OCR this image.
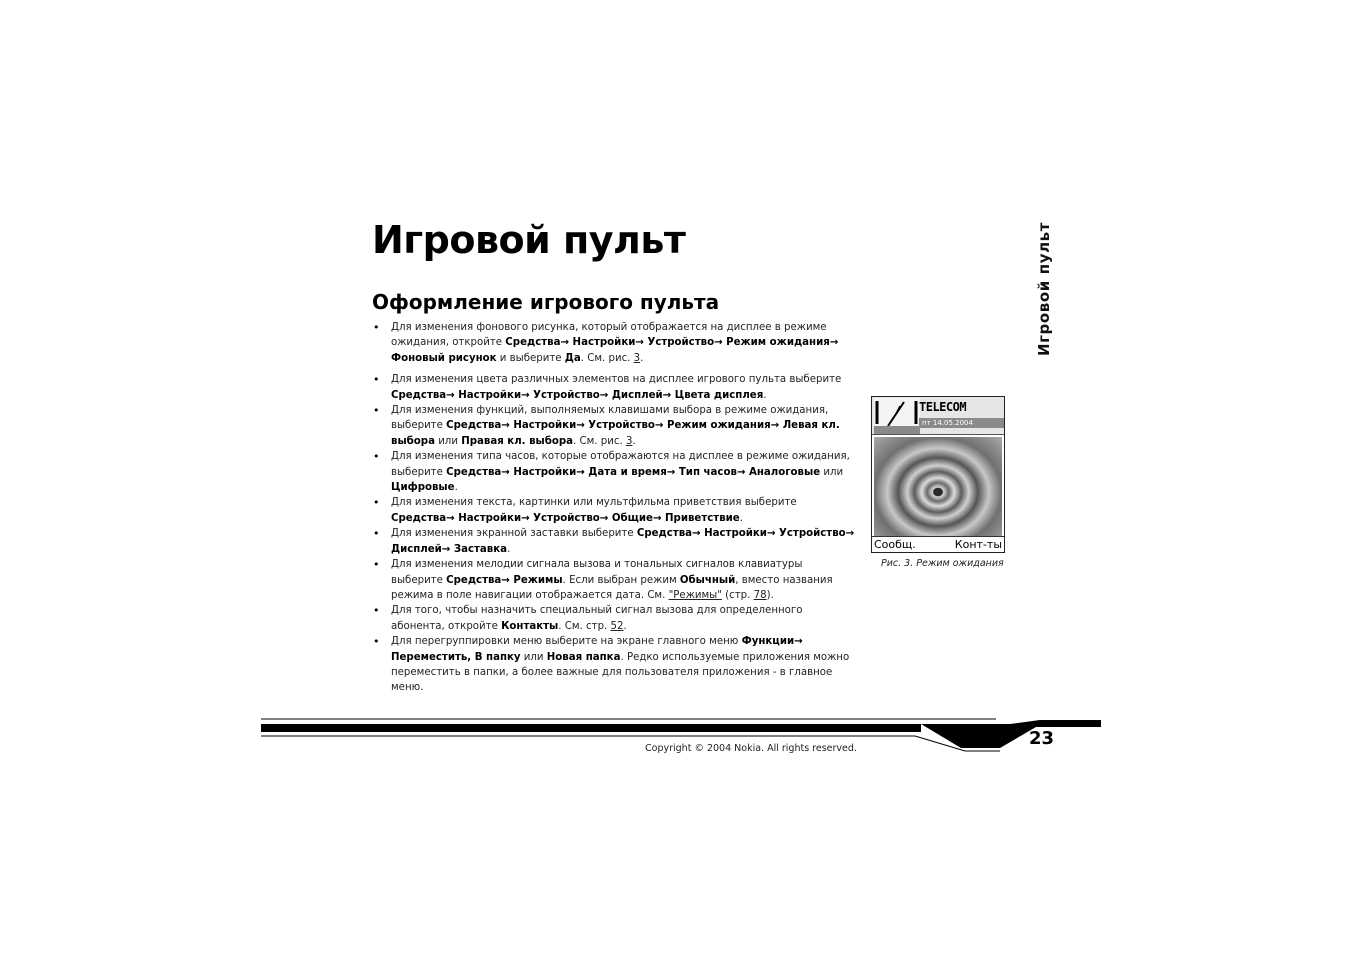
Игровой пульт
Оформление игрового пульта	Игровой пульт
• Для изменения фонового рисунка, который отображается на дисплее в режиме ожидания, откройте Средства→ Настройки→ Устройство→ Режим ожидания→ Фоновый рисунок и выберите Да. См. рис. 3.
• Для изменения цвета различных элементов на дисплее игрового пульта выберите Средства→ Настройки→ Устройство→ Дисплей→ Цвета дисплея.
• Для изменения функций, выполняемых клавишами выбора в режиме ожидания, выберите Средства→ Настройки→ Устройство→ Режим ожидания→ Левая кл. выбора или Правая кл. выбора. См. рис. 3.
• Для изменения типа часов, которые отображаются на дисплее в режиме ожидания, выберите Средства→ Настройки→ Дата и время→ Тип часов→ Аналоговые или Цифровые.
• Для изменения текста, картинки или мультфильма приветствия выберите Средства→ Настройки→ Устройство→ Общие→ Приветствие.
• Для изменения экранной заставки выберите Средства→ Настройки→ Устройство→ Дисплей→ Заставка.
• Для изменения мелодии сигнала вызова и тональных сигналов клавиатуры выберите Средства→ Режимы. Если выбран режим Обычный, вместо названия режима в поле навигации отображается дата. См. "Режимы" (стр. 78).
• Для того, чтобы назначить специальный сигнал вызова для определенного абонента, откройте Контакты. См. стр. 52.
• Для перегруппировки меню выберите на экране главного меню Функции→ Переместить, В папку или Новая папка. Редко используемые приложения можно переместить в папки, а более важные для пользователя приложения - в главное меню.
TELECOM
пт 14.05.2004
Сообщ.	Конт-ты
Рис. 3. Режим ожидания
Copyright © 2004 Nokia. All rights reserved.	23
